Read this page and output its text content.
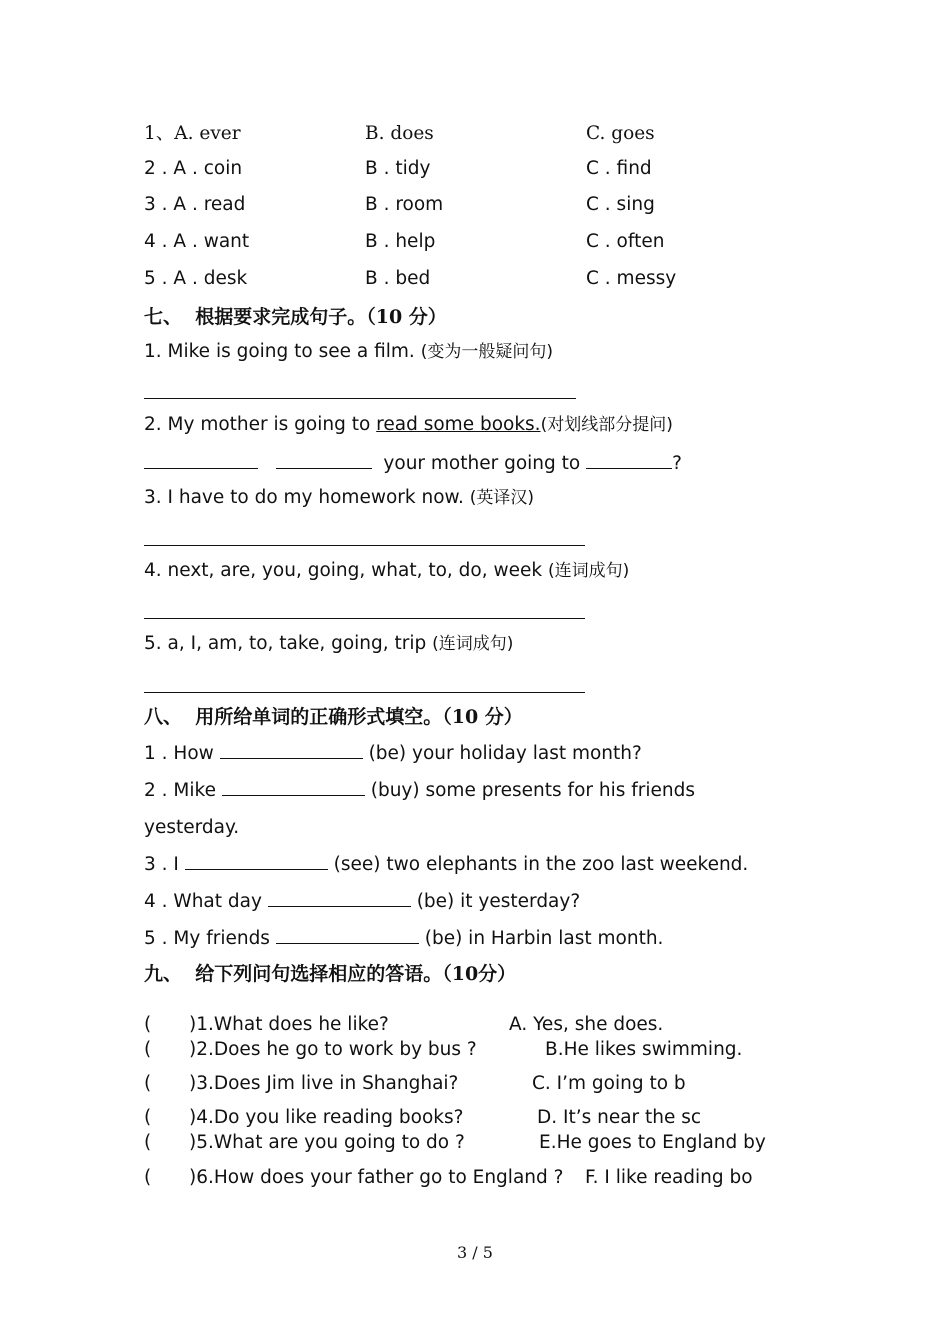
1、A. ever	B. does	C. goes
2 . A . coin	B . tidy	C . find
3 . A . read	B . room	C . sing
4 . A . want	B . help	C . often
5 . A . desk	B . bed	C . messy
七、  根据要求完成句子。（10 分）
1. Mike is going to see a film. (变为一般疑问句)
2. My mother is going to read some books.(对划线部分提问)
your mother going to	?
3. I have to do my homework now. (英译汉)
4. next, are, you, going, what, to, do, week (连词成句)
5. a, I, am, to, take, going, trip (连词成句)
八、  用所给单词的正确形式填空。（10 分）
1 . How	(be) your holiday last month?
2 . Mike	(buy) some presents for his friends
yesterday.
3 . I	(see) two elephants in the zoo last weekend.
4 . What day	(be) it yesterday?
5 . My friends	(be) in Harbin last month.
九、  给下列问句选择相应的答语。（10分）
( )1.What does he like?	A. Yes, she does.
( )2.Does he go to work by bus ?	B.He likes swimming.
( )3.Does Jim live in Shanghai?	C. I’m going to b
( )4.Do you like reading books?	D. It’s near the sc
( )5.What are you going to do ?	E.He goes to England by
( )6.How does your father go to England ? F. I like reading bo
3 / 5
